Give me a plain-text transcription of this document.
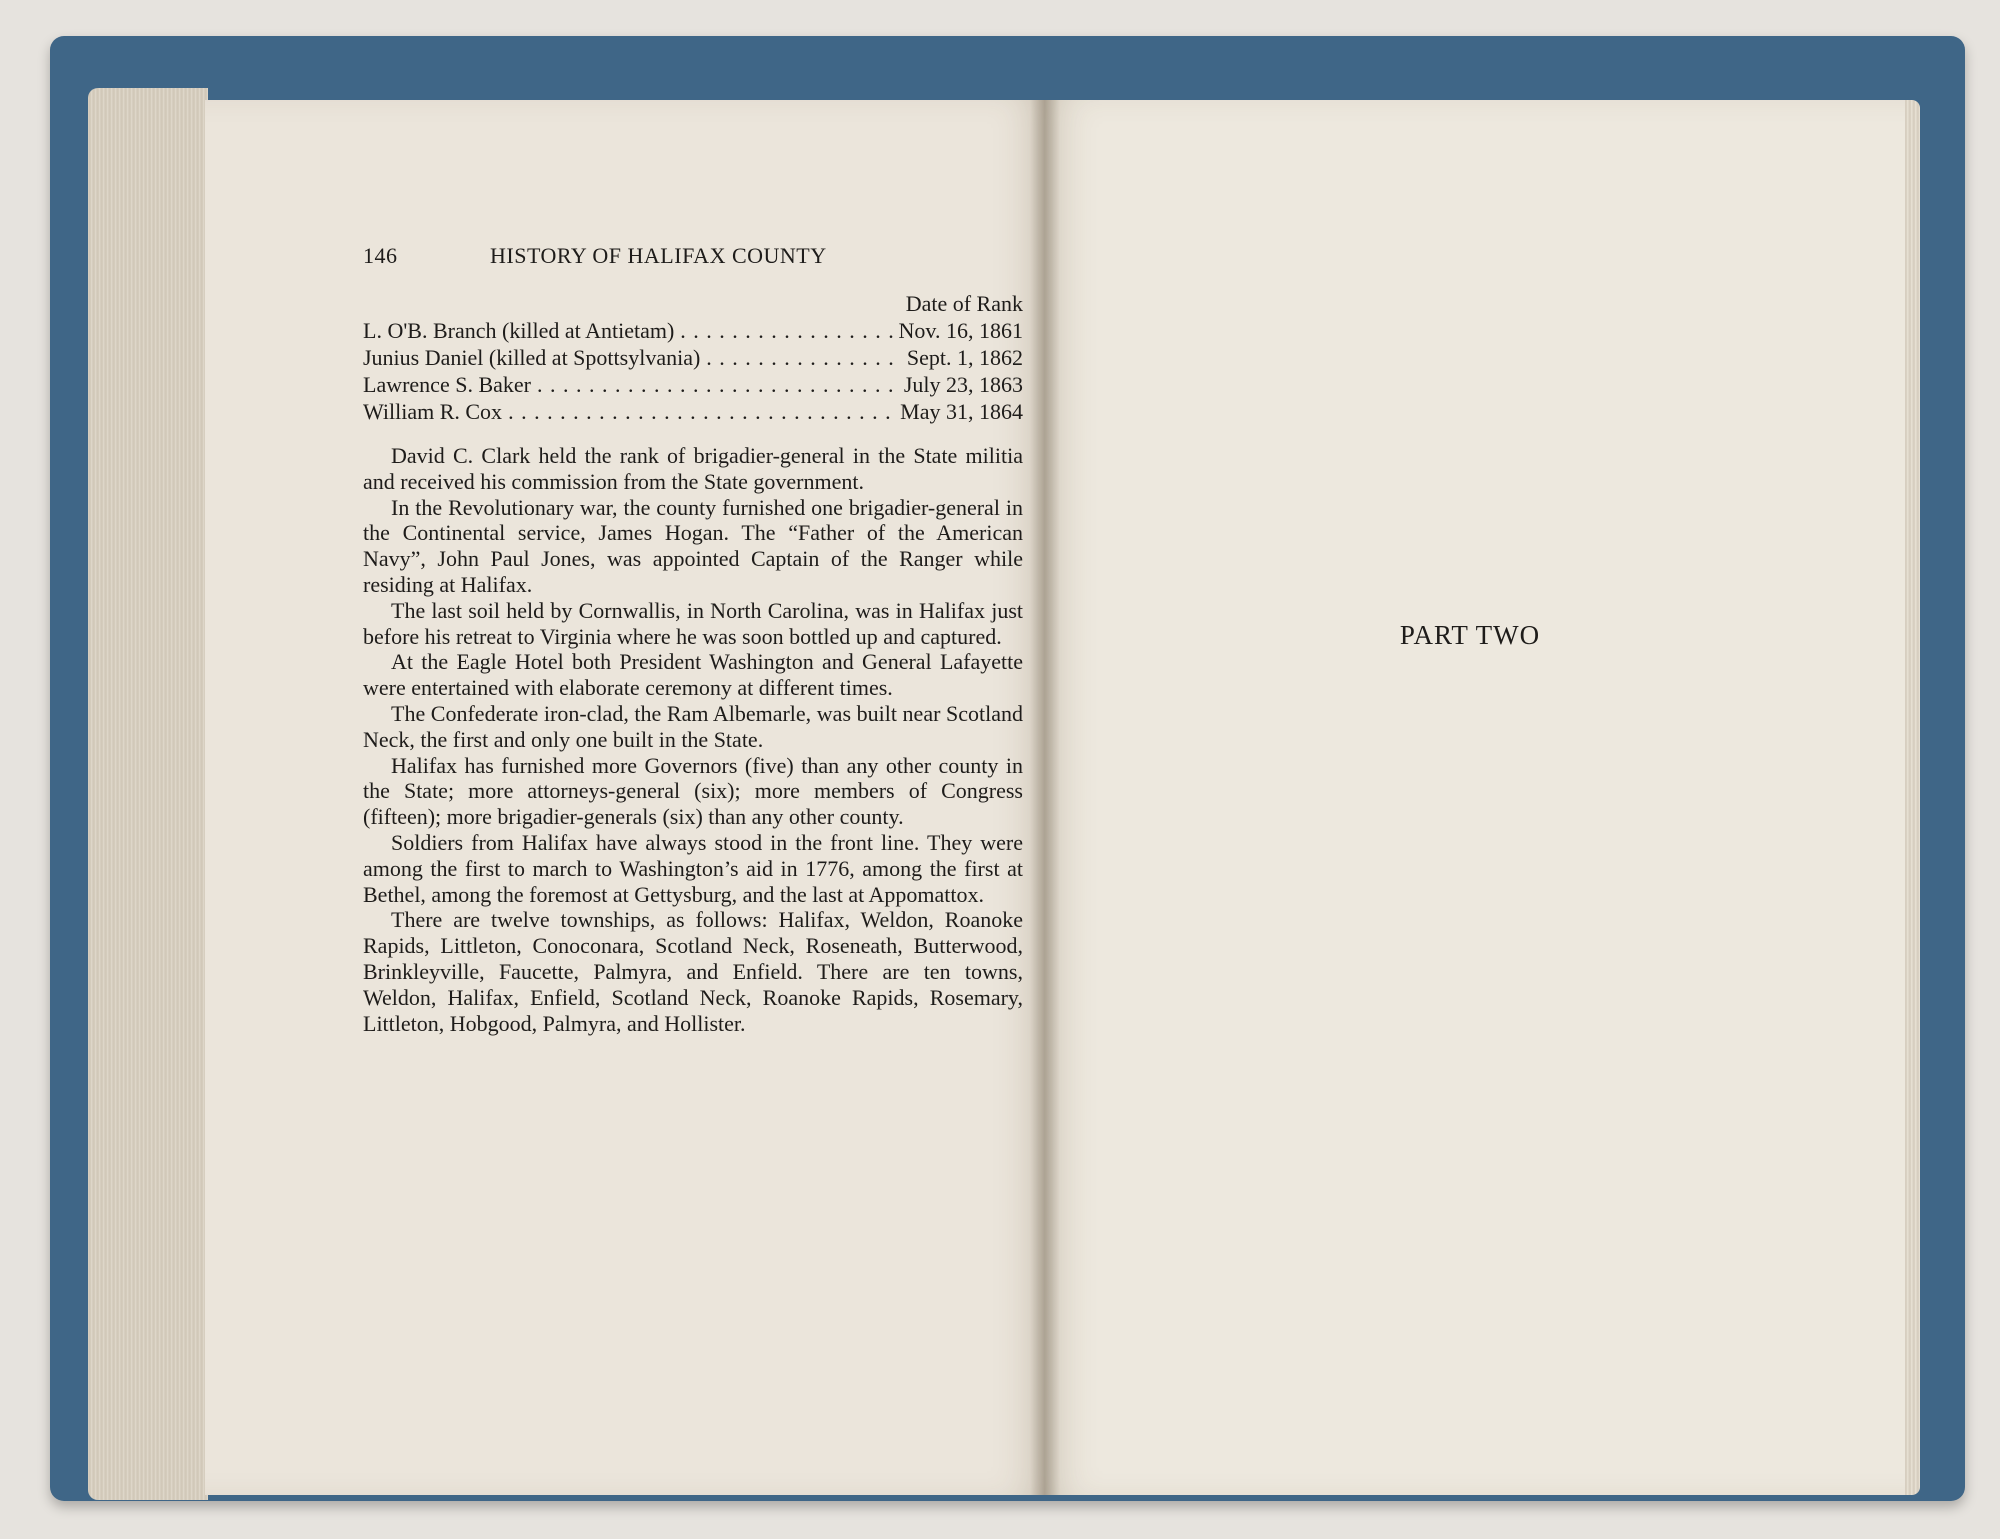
146	HISTORY OF HALIFAX COUNTY
Date of Rank
L. O'B. Branch (killed at Antietam) . . .	Nov. 16, 1861
Junius Daniel (killed at Spottsylvania) . . .	Sept. 1, 1862
Lawrence S. Baker . . .	July 23, 1863
William R. Cox . . .	May 31, 1864

David C. Clark held the rank of brigadier-general in the State militia and received his commission from the State government.

In the Revolutionary war, the county furnished one brigadier-general in the Continental service, James Hogan. The “Father of the American Navy”, John Paul Jones, was appointed Captain of the Ranger while residing at Halifax.

The last soil held by Cornwallis, in North Carolina, was in Halifax just before his retreat to Virginia where he was soon bottled up and captured.

At the Eagle Hotel both President Washington and General Lafayette were entertained with elaborate ceremony at different times.

The Confederate iron-clad, the Ram Albemarle, was built near Scotland Neck, the first and only one built in the State.

Halifax has furnished more Governors (five) than any other county in the State; more attorneys-general (six); more members of Congress (fifteen); more brigadier-generals (six) than any other county.

Soldiers from Halifax have always stood in the front line. They were among the first to march to Washington’s aid in 1776, among the first at Bethel, among the foremost at Gettysburg, and the last at Appomattox.

There are twelve townships, as follows: Halifax, Weldon, Roanoke Rapids, Littleton, Conoconara, Scotland Neck, Roseneath, Butterwood, Brinkleyville, Faucette, Palmyra, and Enfield. There are ten towns, Weldon, Halifax, Enfield, Scotland Neck, Roanoke Rapids, Rosemary, Littleton, Hobgood, Palmyra, and Hollister.

PART TWO
